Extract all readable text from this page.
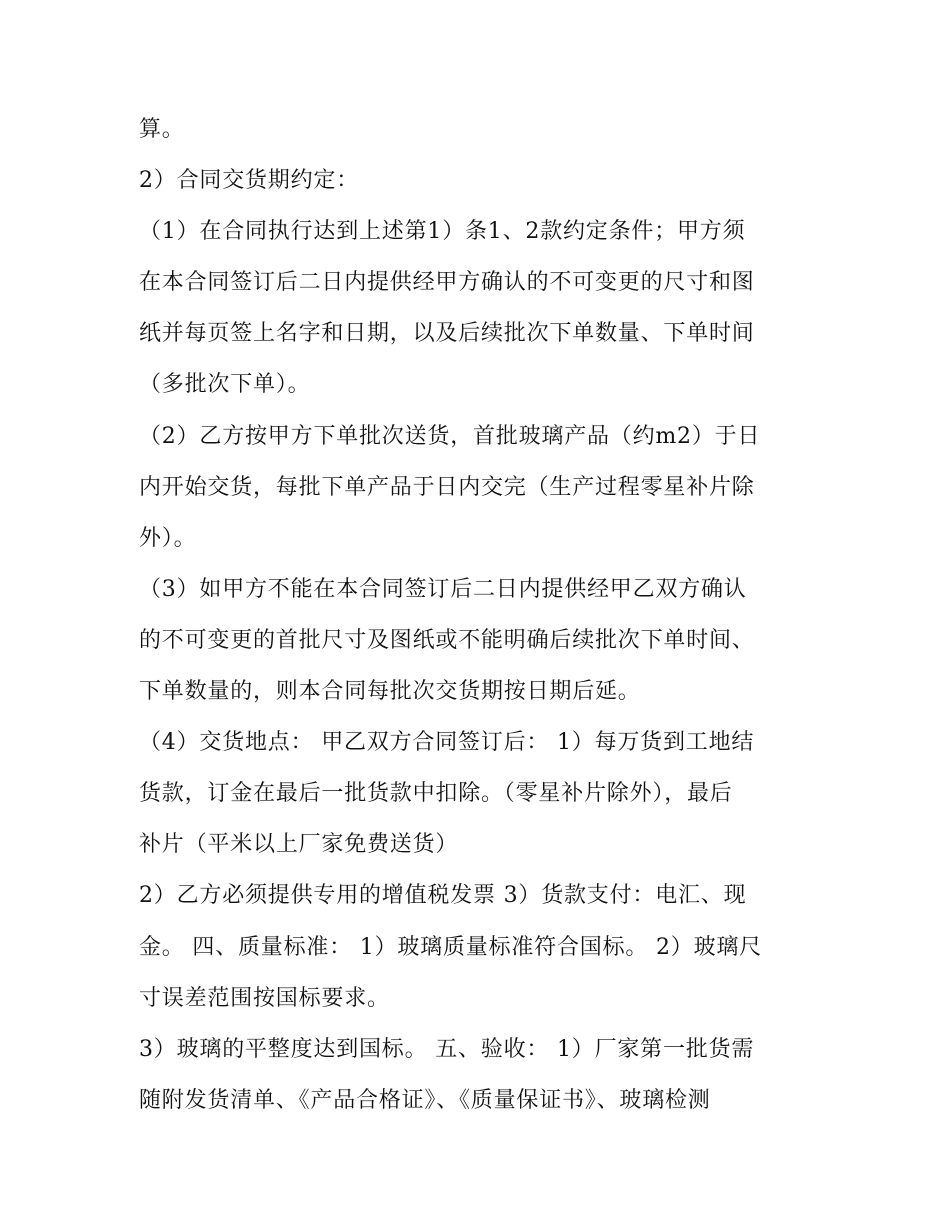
算。
2）合同交货期约定：
（1）在合同执行达到上述第1）条1、2款约定条件；甲方须
在本合同签订后二日内提供经甲方确认的不可变更的尺寸和图
纸并每页签上名字和日期，以及后续批次下单数量、下单时间
（多批次下单）。
（2）乙方按甲方下单批次送货，首批玻璃产品（约m2）于日
内开始交货，每批下单产品于日内交完（生产过程零星补片除
外）。
（3）如甲方不能在本合同签订后二日内提供经甲乙双方确认
的不可变更的首批尺寸及图纸或不能明确后续批次下单时间、
下单数量的，则本合同每批次交货期按日期后延。
（4）交货地点： 甲乙双方合同签订后： 1）每万货到工地结
货款，订金在最后一批货款中扣除。（零星补片除外），最后
补片（平米以上厂家免费送货）
2）乙方必须提供专用的增值税发票 3）货款支付：电汇、现
金。 四、质量标准： 1）玻璃质量标准符合国标。 2）玻璃尺
寸误差范围按国标要求。
3）玻璃的平整度达到国标。 五、验收： 1）厂家第一批货需
随附发货清单、《产品合格证》、《质量保证书》、玻璃检测
